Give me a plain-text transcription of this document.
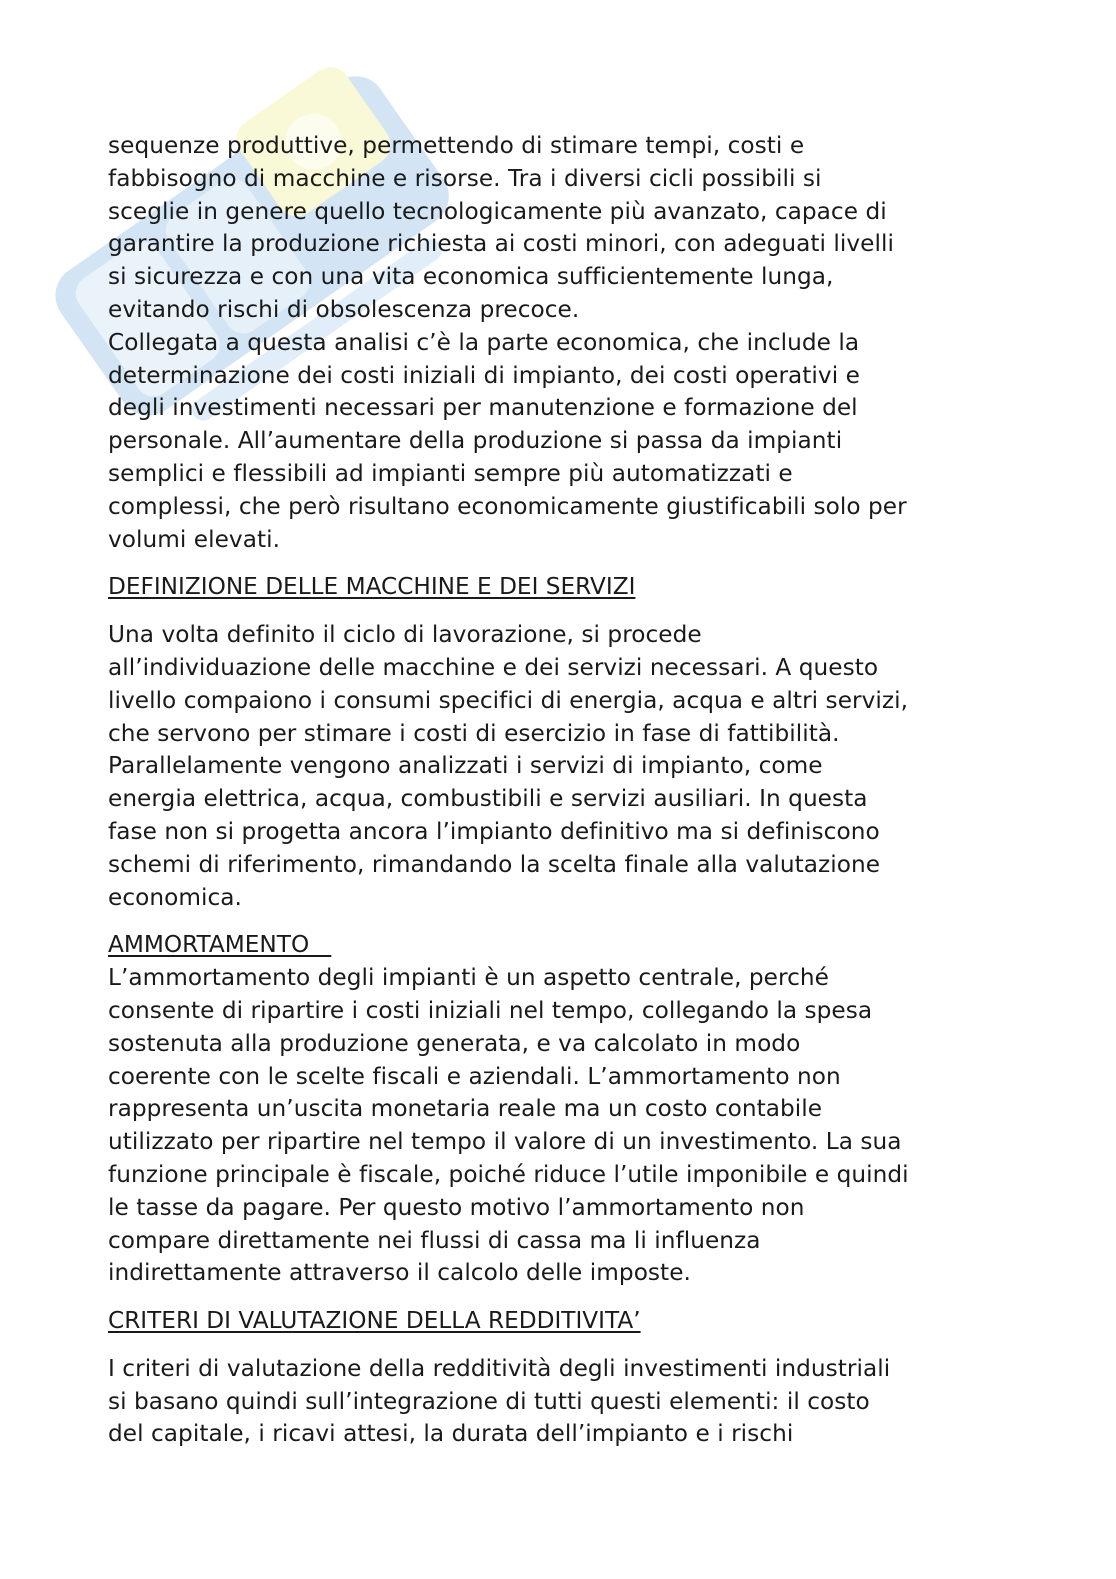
sequenze produttive, permettendo di stimare tempi, costi e
fabbisogno di macchine e risorse. Tra i diversi cicli possibili si
sceglie in genere quello tecnologicamente più avanzato, capace di
garantire la produzione richiesta ai costi minori, con adeguati livelli
si sicurezza e con una vita economica sufficientemente lunga,
evitando rischi di obsolescenza precoce.
Collegata a questa analisi c’è la parte economica, che include la
determinazione dei costi iniziali di impianto, dei costi operativi e
degli investimenti necessari per manutenzione e formazione del
personale. All’aumentare della produzione si passa da impianti
semplici e flessibili ad impianti sempre più automatizzati e
complessi, che però risultano economicamente giustificabili solo per
volumi elevati.
DEFINIZIONE DELLE MACCHINE E DEI SERVIZI
Una volta definito il ciclo di lavorazione, si procede
all’individuazione delle macchine e dei servizi necessari. A questo
livello compaiono i consumi specifici di energia, acqua e altri servizi,
che servono per stimare i costi di esercizio in fase di fattibilità.
Parallelamente vengono analizzati i servizi di impianto, come
energia elettrica, acqua, combustibili e servizi ausiliari. In questa
fase non si progetta ancora l’impianto definitivo ma si definiscono
schemi di riferimento, rimandando la scelta finale alla valutazione
economica.
AMMORTAMENTO
L’ammortamento degli impianti è un aspetto centrale, perché
consente di ripartire i costi iniziali nel tempo, collegando la spesa
sostenuta alla produzione generata, e va calcolato in modo
coerente con le scelte fiscali e aziendali. L’ammortamento non
rappresenta un’uscita monetaria reale ma un costo contabile
utilizzato per ripartire nel tempo il valore di un investimento. La sua
funzione principale è fiscale, poiché riduce l’utile imponibile e quindi
le tasse da pagare. Per questo motivo l’ammortamento non
compare direttamente nei flussi di cassa ma li influenza
indirettamente attraverso il calcolo delle imposte.
CRITERI DI VALUTAZIONE DELLA REDDITIVITA’
I criteri di valutazione della redditività degli investimenti industriali
si basano quindi sull’integrazione di tutti questi elementi: il costo
del capitale, i ricavi attesi, la durata dell’impianto e i rischi
